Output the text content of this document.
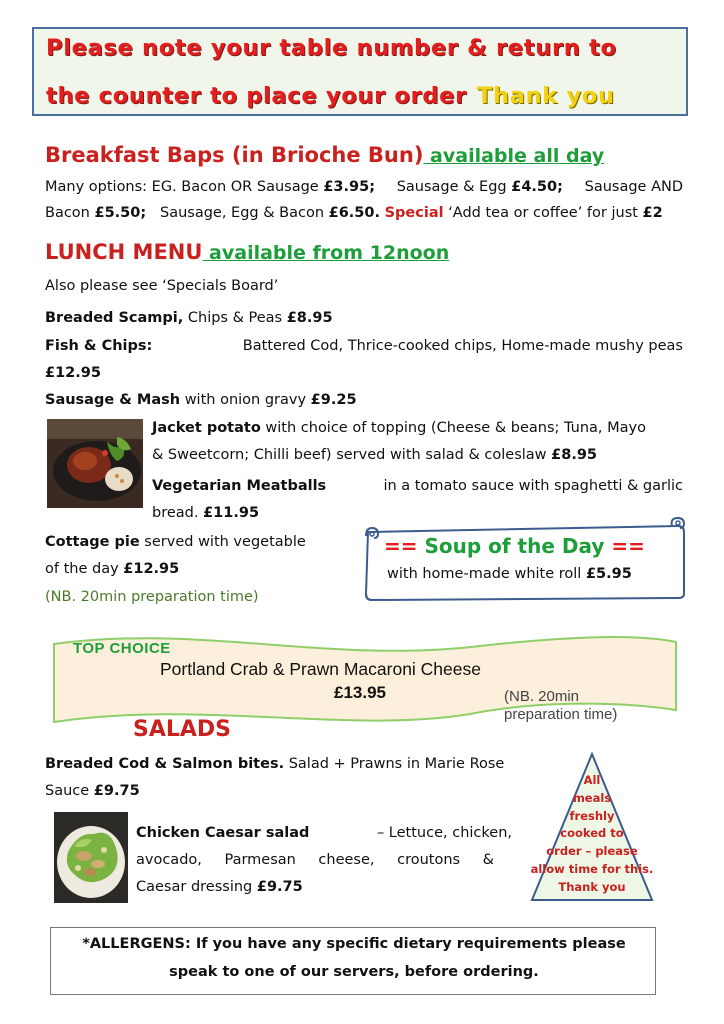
Please note your table number & return to
the counter to place your order Thank you
Breakfast Baps (in Brioche Bun) available all day
Many options: EG. Bacon OR Sausage £3.95; Sausage & Egg £4.50; Sausage AND
Bacon £5.50; Sausage, Egg & Bacon £6.50. Special ‘Add tea or coffee’ for just £2
LUNCH MENU available from 12noon
Also please see ‘Specials Board’
Breaded Scampi, Chips & Peas £8.95
Fish & Chips:	Battered Cod, Thrice-cooked chips, Home-made mushy peas
£12.95
Sausage & Mash with onion gravy £9.25
Jacket potato with choice of topping (Cheese & beans; Tuna, Mayo
& Sweetcorn; Chilli beef) served with salad & coleslaw £8.95
Vegetarian Meatballs	in a tomato sauce with spaghetti & garlic
bread. £11.95
Cottage pie served with vegetable
of the day £12.95
(NB. 20min preparation time)
== Soup of the Day ==
with home-made white roll £5.95
TOP CHOICE
Portland Crab & Prawn Macaroni Cheese
£13.95	(NB. 20min
preparation time)
SALADS
Breaded Cod & Salmon bites. Salad + Prawns in Marie Rose
Sauce £9.75
Chicken Caesar salad	– Lettuce, chicken,
avocado, Parmesan cheese, croutons &
Caesar dressing £9.75
All
meals
freshly
cooked to
order – please
allow time for this.
Thank you
*ALLERGENS: If you have any specific dietary requirements please
speak to one of our servers, before ordering.
